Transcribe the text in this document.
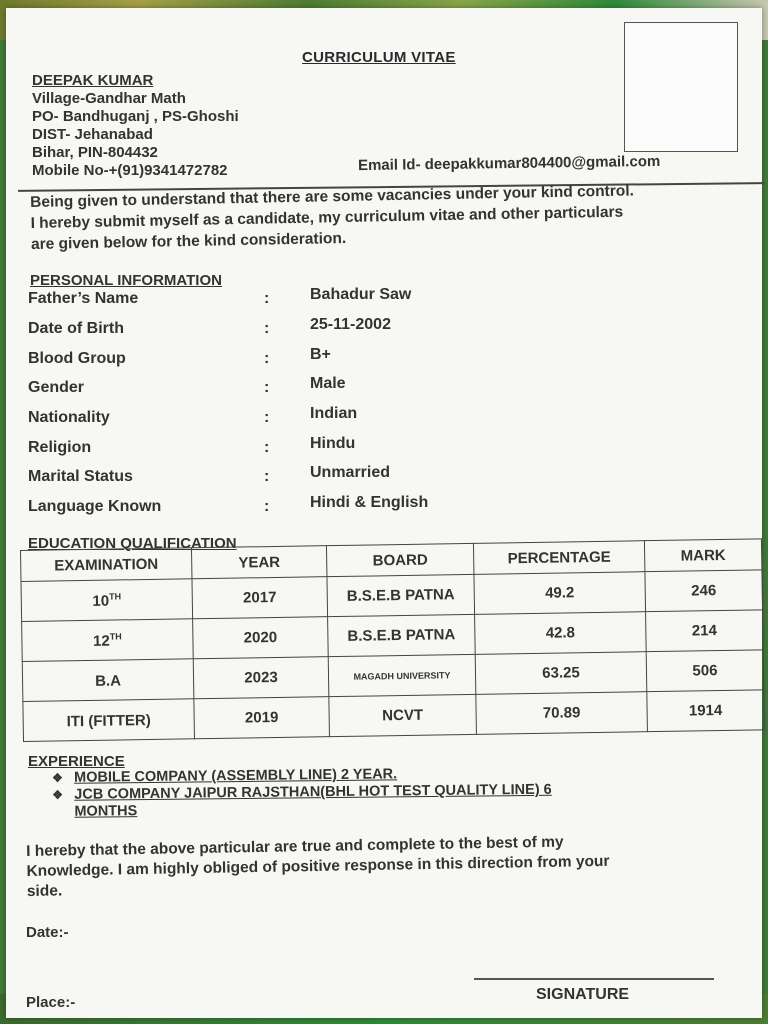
CURRICULUM VITAE
DEEPAK KUMAR
Village-Gandhar Math
PO- Bandhuganj , PS-Ghoshi
DIST- Jehanabad
Bihar, PIN-804432
Mobile No-+(91)9341472782	Email Id- deepakkumar804400@gmail.com
Being given to understand that there are some vacancies under your kind control.
I hereby submit myself as a candidate, my curriculum vitae and other particulars
are given below for the kind consideration.
PERSONAL INFORMATION
Father’s Name	:	Bahadur Saw
Date of Birth	:	25-11-2002
Blood Group	:	B+
Gender	:	Male
Nationality	:	Indian
Religion	:	Hindu
Marital Status	:	Unmarried
Language Known	:	Hindi & English
EDUCATION QUALIFICATION
EXAMINATION	YEAR	BOARD	PERCENTAGE	MARK
10TH	2017	B.S.E.B PATNA	49.2	246
12TH	2020	B.S.E.B PATNA	42.8	214
B.A	2023	MAGADH UNIVERSITY	63.25	506
ITI (FITTER)	2019	NCVT	70.89	1914
EXPERIENCE
❖ MOBILE COMPANY (ASSEMBLY LINE) 2 YEAR.
❖ JCB COMPANY JAIPUR RAJSTHAN(BHL HOT TEST QUALITY LINE) 6
MONTHS
I hereby that the above particular are true and complete to the best of my
Knowledge. I am highly obliged of positive response in this direction from your
side.
Date:-
Place:-	SIGNATURE
